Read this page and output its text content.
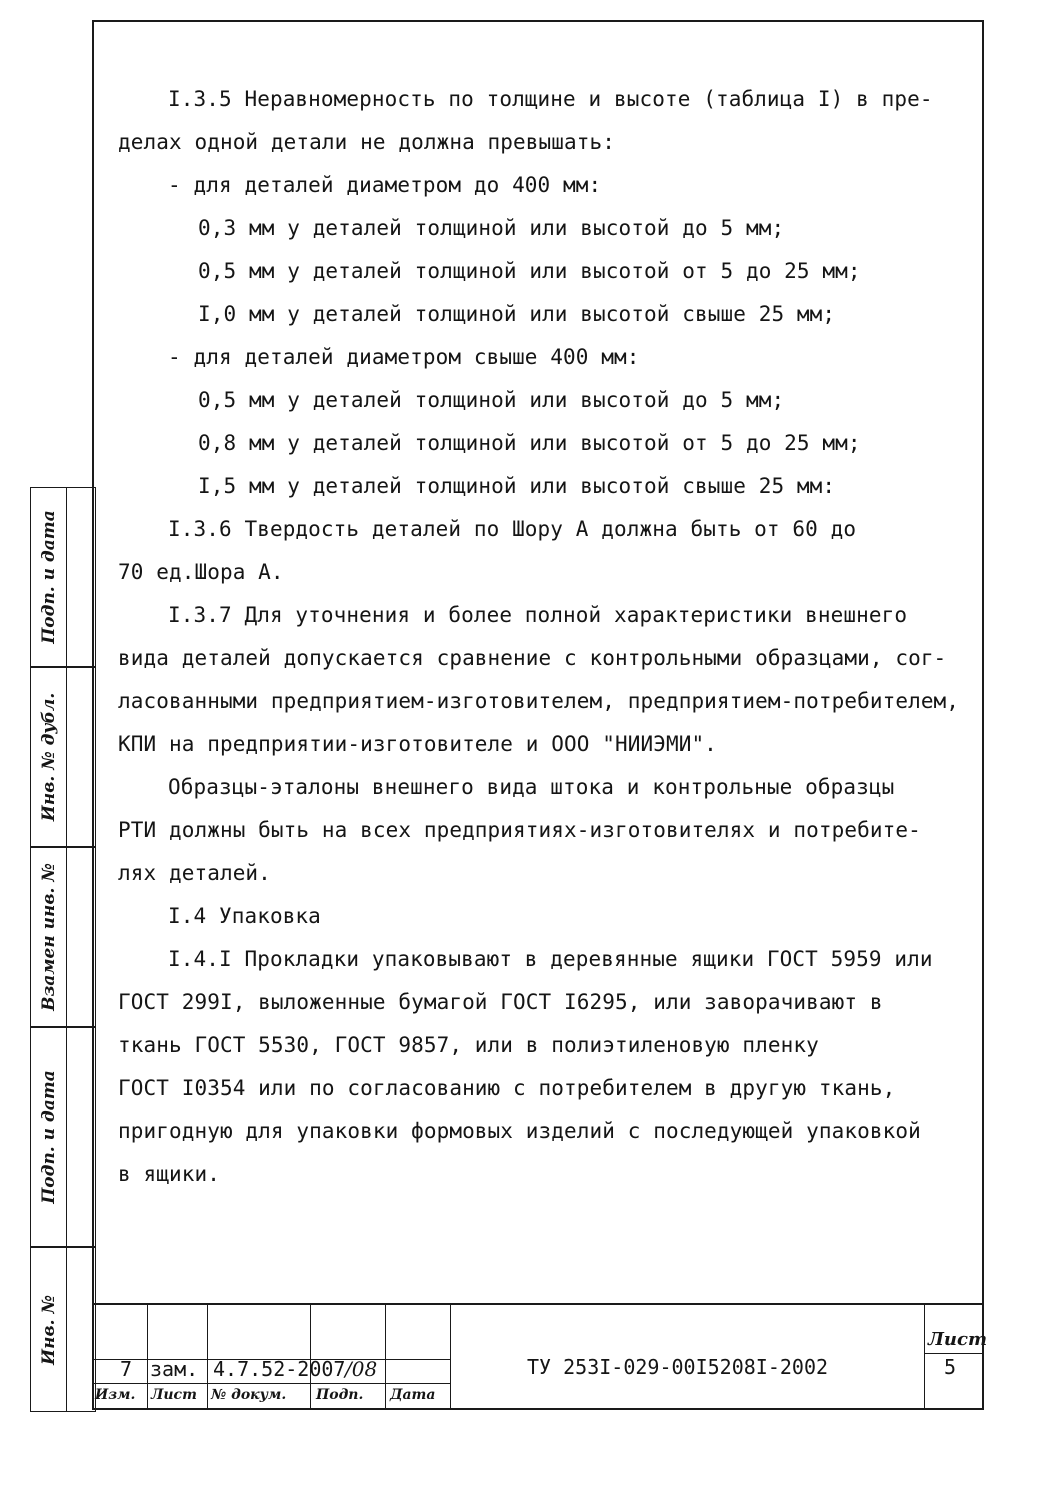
I.3.5 Неравномерность по толщине и высоте (таблица I) в пре-
делах одной детали не должна превышать:
- для деталей диаметром до 400 мм:
0,3 мм у деталей толщиной или высотой до 5 мм;
0,5 мм у деталей толщиной или высотой от 5 до 25 мм;
I,0 мм у деталей толщиной или высотой свыше 25 мм;
- для деталей диаметром свыше 400 мм:
0,5 мм у деталей толщиной или высотой до 5 мм;
0,8 мм у деталей толщиной или высотой от 5 до 25 мм;
I,5 мм у деталей толщиной или высотой свыше 25 мм:
I.3.6 Твердость деталей по Шору А должна быть от 60 до
70 ед.Шора А.
I.3.7 Для уточнения и более полной характеристики внешнего
вида деталей допускается сравнение с контрольными образцами, сог-
ласованными предприятием-изготовителем, предприятием-потребителем,
КПИ на предприятии-изготовителе и ООО "НИИЭМИ".
Образцы-эталоны внешнего вида штока и контрольные образцы
РТИ должны быть на всех предприятиях-изготовителях и потребите-
лях деталей.
I.4 Упаковка
I.4.I Прокладки упаковывают в деревянные ящики ГОСТ 5959 или
ГОСТ 299I, выложенные бумагой ГОСТ I6295, или заворачивают в
ткань ГОСТ 5530, ГОСТ 9857, или в полиэтиленовую пленку
ГОСТ I0354 или по согласованию с потребителем в другую ткань,
пригодную для упаковки формовых изделий с последующей упаковкой
в ящики.
Подп. и дата
Инв. № дубл.
Взамен инв. №
Подп. и дата
Инв. №
7 зам. 4.7.52-2007 /08
Изм. Лист № докум. Подп. Дата
ТУ 253I-029-00I5208I-2002
Лист
5
